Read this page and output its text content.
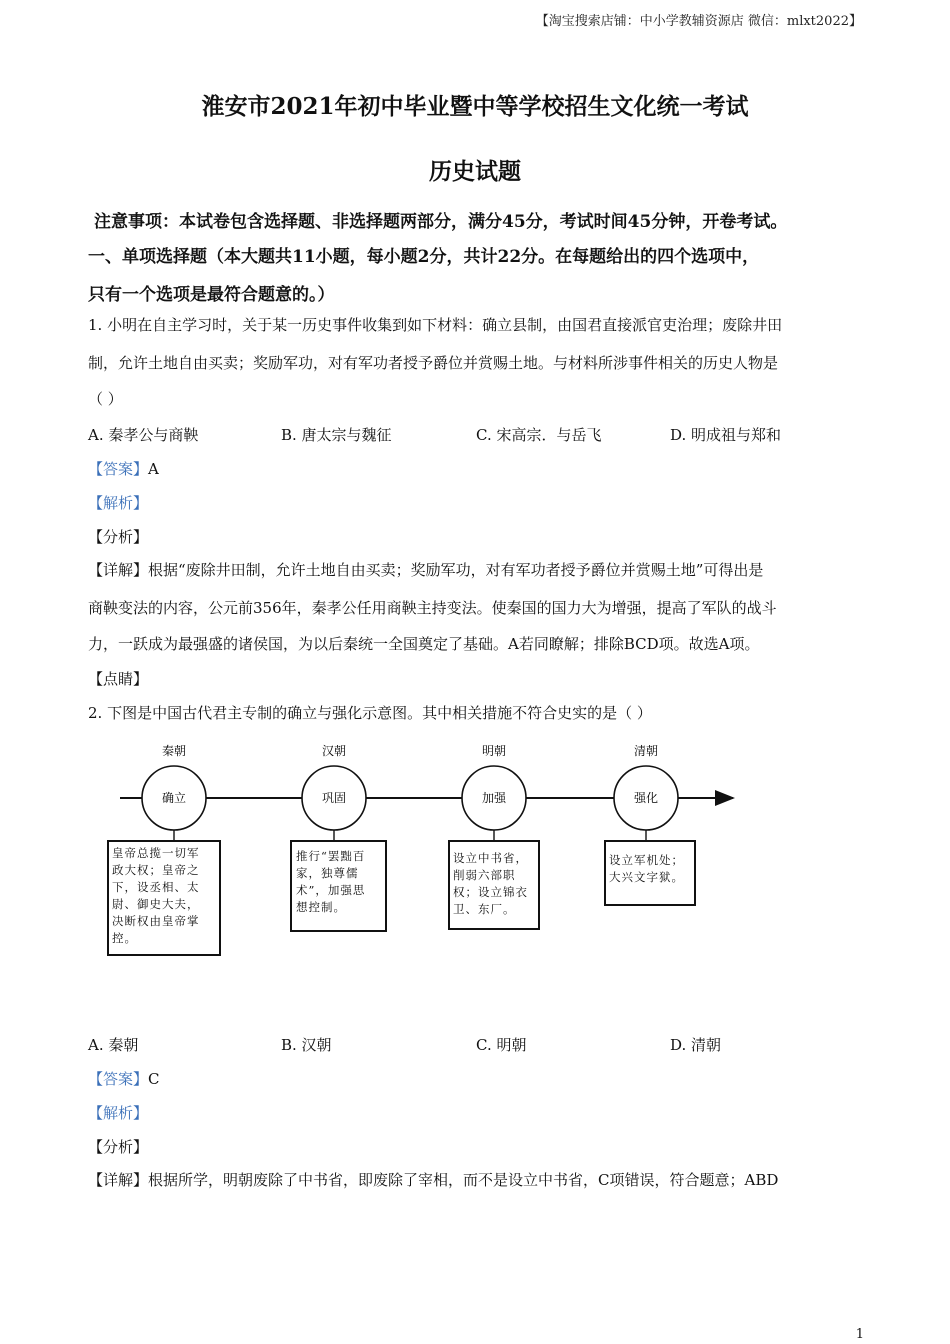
【淘宝搜索店铺：中小学教辅资源店 微信：mlxt2022】
淮安市2021年初中毕业暨中等学校招生文化统一考试
历史试题
注意事项：本试卷包含选择题、非选择题两部分，满分45分，考试时间45分钟，开卷考试。
一、单项选择题（本大题共11小题，每小题2分，共计22分。在每题给出的四个选项中，
只有一个选项是最符合题意的。）
1. 小明在自主学习时，关于某一历史事件收集到如下材料：确立县制，由国君直接派官吏治理；废除井田
制，允许土地自由买卖；奖励军功，对有军功者授予爵位并赏赐土地。与材料所涉事件相关的历史人物是
（ ）
A. 秦孝公与商鞅	B. 唐太宗与魏征	C. 宋高宗．与岳飞	D. 明成祖与郑和
【答案】A
【解析】
【分析】
【详解】根据“废除井田制，允许土地自由买卖；奖励军功，对有军功者授予爵位并赏赐土地”可得出是
商鞅变法的内容，公元前356年，秦孝公任用商鞅主持变法。使秦国的国力大为增强，提高了军队的战斗
力，一跃成为最强盛的诸侯国，为以后秦统一全国奠定了基础。A若同瞭解；排除BCD项。故选A项。
【点睛】
2. 下图是中国古代君主专制的确立与强化示意图。其中相关措施不符合史实的是（ ）
秦朝
确立
汉朝
巩固
明朝
加强
清朝
强化
皇帝总揽一切军
政大权；皇帝之
下，设丞相、太
尉、御史大夫，
决断权由皇帝掌
控。
推行“罢黜百
家，独尊儒
术”，加强思
想控制。
设立中书省，
削弱六部职
权；设立锦衣
卫、东厂。
设立军机处；
大兴文字狱。
A. 秦朝	B. 汉朝	C. 明朝	D. 清朝
【答案】C
【解析】
【分析】
【详解】根据所学，明朝废除了中书省，即废除了宰相，而不是设立中书省，C项错误，符合题意；ABD
1
